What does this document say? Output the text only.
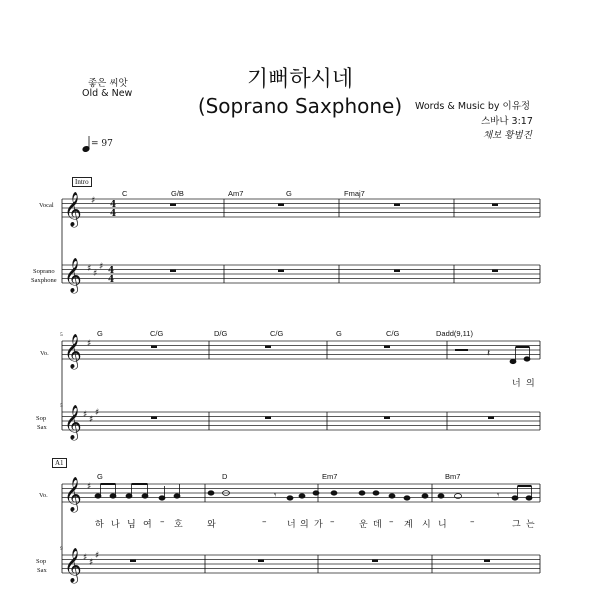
기뻐하시네
(Soprano Saxphone)
좋은 씨앗
Old & New
Words & Music by 이유정
스바나 3:17
채보 황범진
= 97
Intro
Vocal
Soprano
Saxphone
C	G/B	Am7	G	Fmaj7
5
Vo.
Sop
Sax
5
G	C/G	D/G	C/G	G	C/G	Dadd(9,11)
너 의
A1
Vo.
Sop
Sax
9
G	D	Em7	Bm7
하 나 님 여 – 호	와	– 너 의 가 –	운 데 – 계 시 니	–	그 는
𝄞
𝄞
𝄞
𝄞
𝄞
𝄞
♯
♯ ♯
♯
♯
♯ ♯
♯
♯
♯ ♯
♯
4
4
4
4
𝄽
𝄾	𝄾
